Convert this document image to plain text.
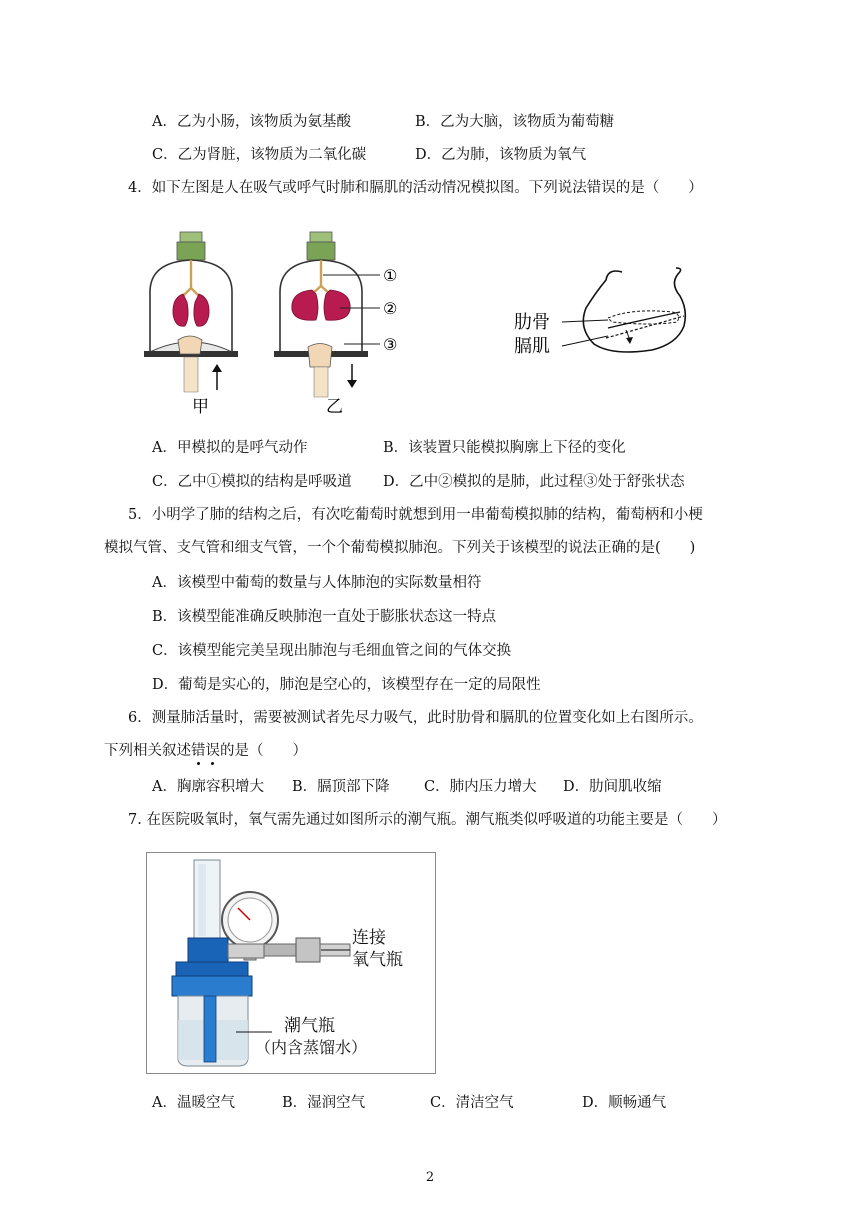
A．乙为小肠，该物质为氨基酸	B．乙为大脑，该物质为葡萄糖
C．乙为肾脏，该物质为二氧化碳	D．乙为肺，该物质为氧气
4．如下左图是人在吸气或呼气时肺和膈肌的活动情况模拟图。下列说法错误的是（　　）
①
②
③
甲	乙
肋骨
膈肌
A．甲模拟的是呼气动作	B．该装置只能模拟胸廓上下径的变化
C．乙中①模拟的结构是呼吸道 D．乙中②模拟的是肺，此过程③处于舒张状态
5．小明学了肺的结构之后，有次吃葡萄时就想到用一串葡萄模拟肺的结构，葡萄柄和小梗
模拟气管、支气管和细支气管，一个个葡萄模拟肺泡。下列关于该模型的说法正确的是(　　)
A．该模型中葡萄的数量与人体肺泡的实际数量相符
B．该模型能准确反映肺泡一直处于膨胀状态这一特点
C．该模型能完美呈现出肺泡与毛细血管之间的气体交换
D．葡萄是实心的，肺泡是空心的，该模型存在一定的局限性
6．测量肺活量时，需要被测试者先尽力吸气，此时肋骨和膈肌的位置变化如上右图所示。
下列相关叙述错误的是（　　）
A．胸廓容积增大 B．膈顶部下降 C．肺内压力增大 D．肋间肌收缩
7. 在医院吸氧时，氧气需先通过如图所示的潮气瓶。潮气瓶类似呼吸道的功能主要是（　　）
连接
氧气瓶
潮气瓶
（内含蒸馏水）
A．温暖空气	B．湿润空气	C．清洁空气	D．顺畅通气
2
